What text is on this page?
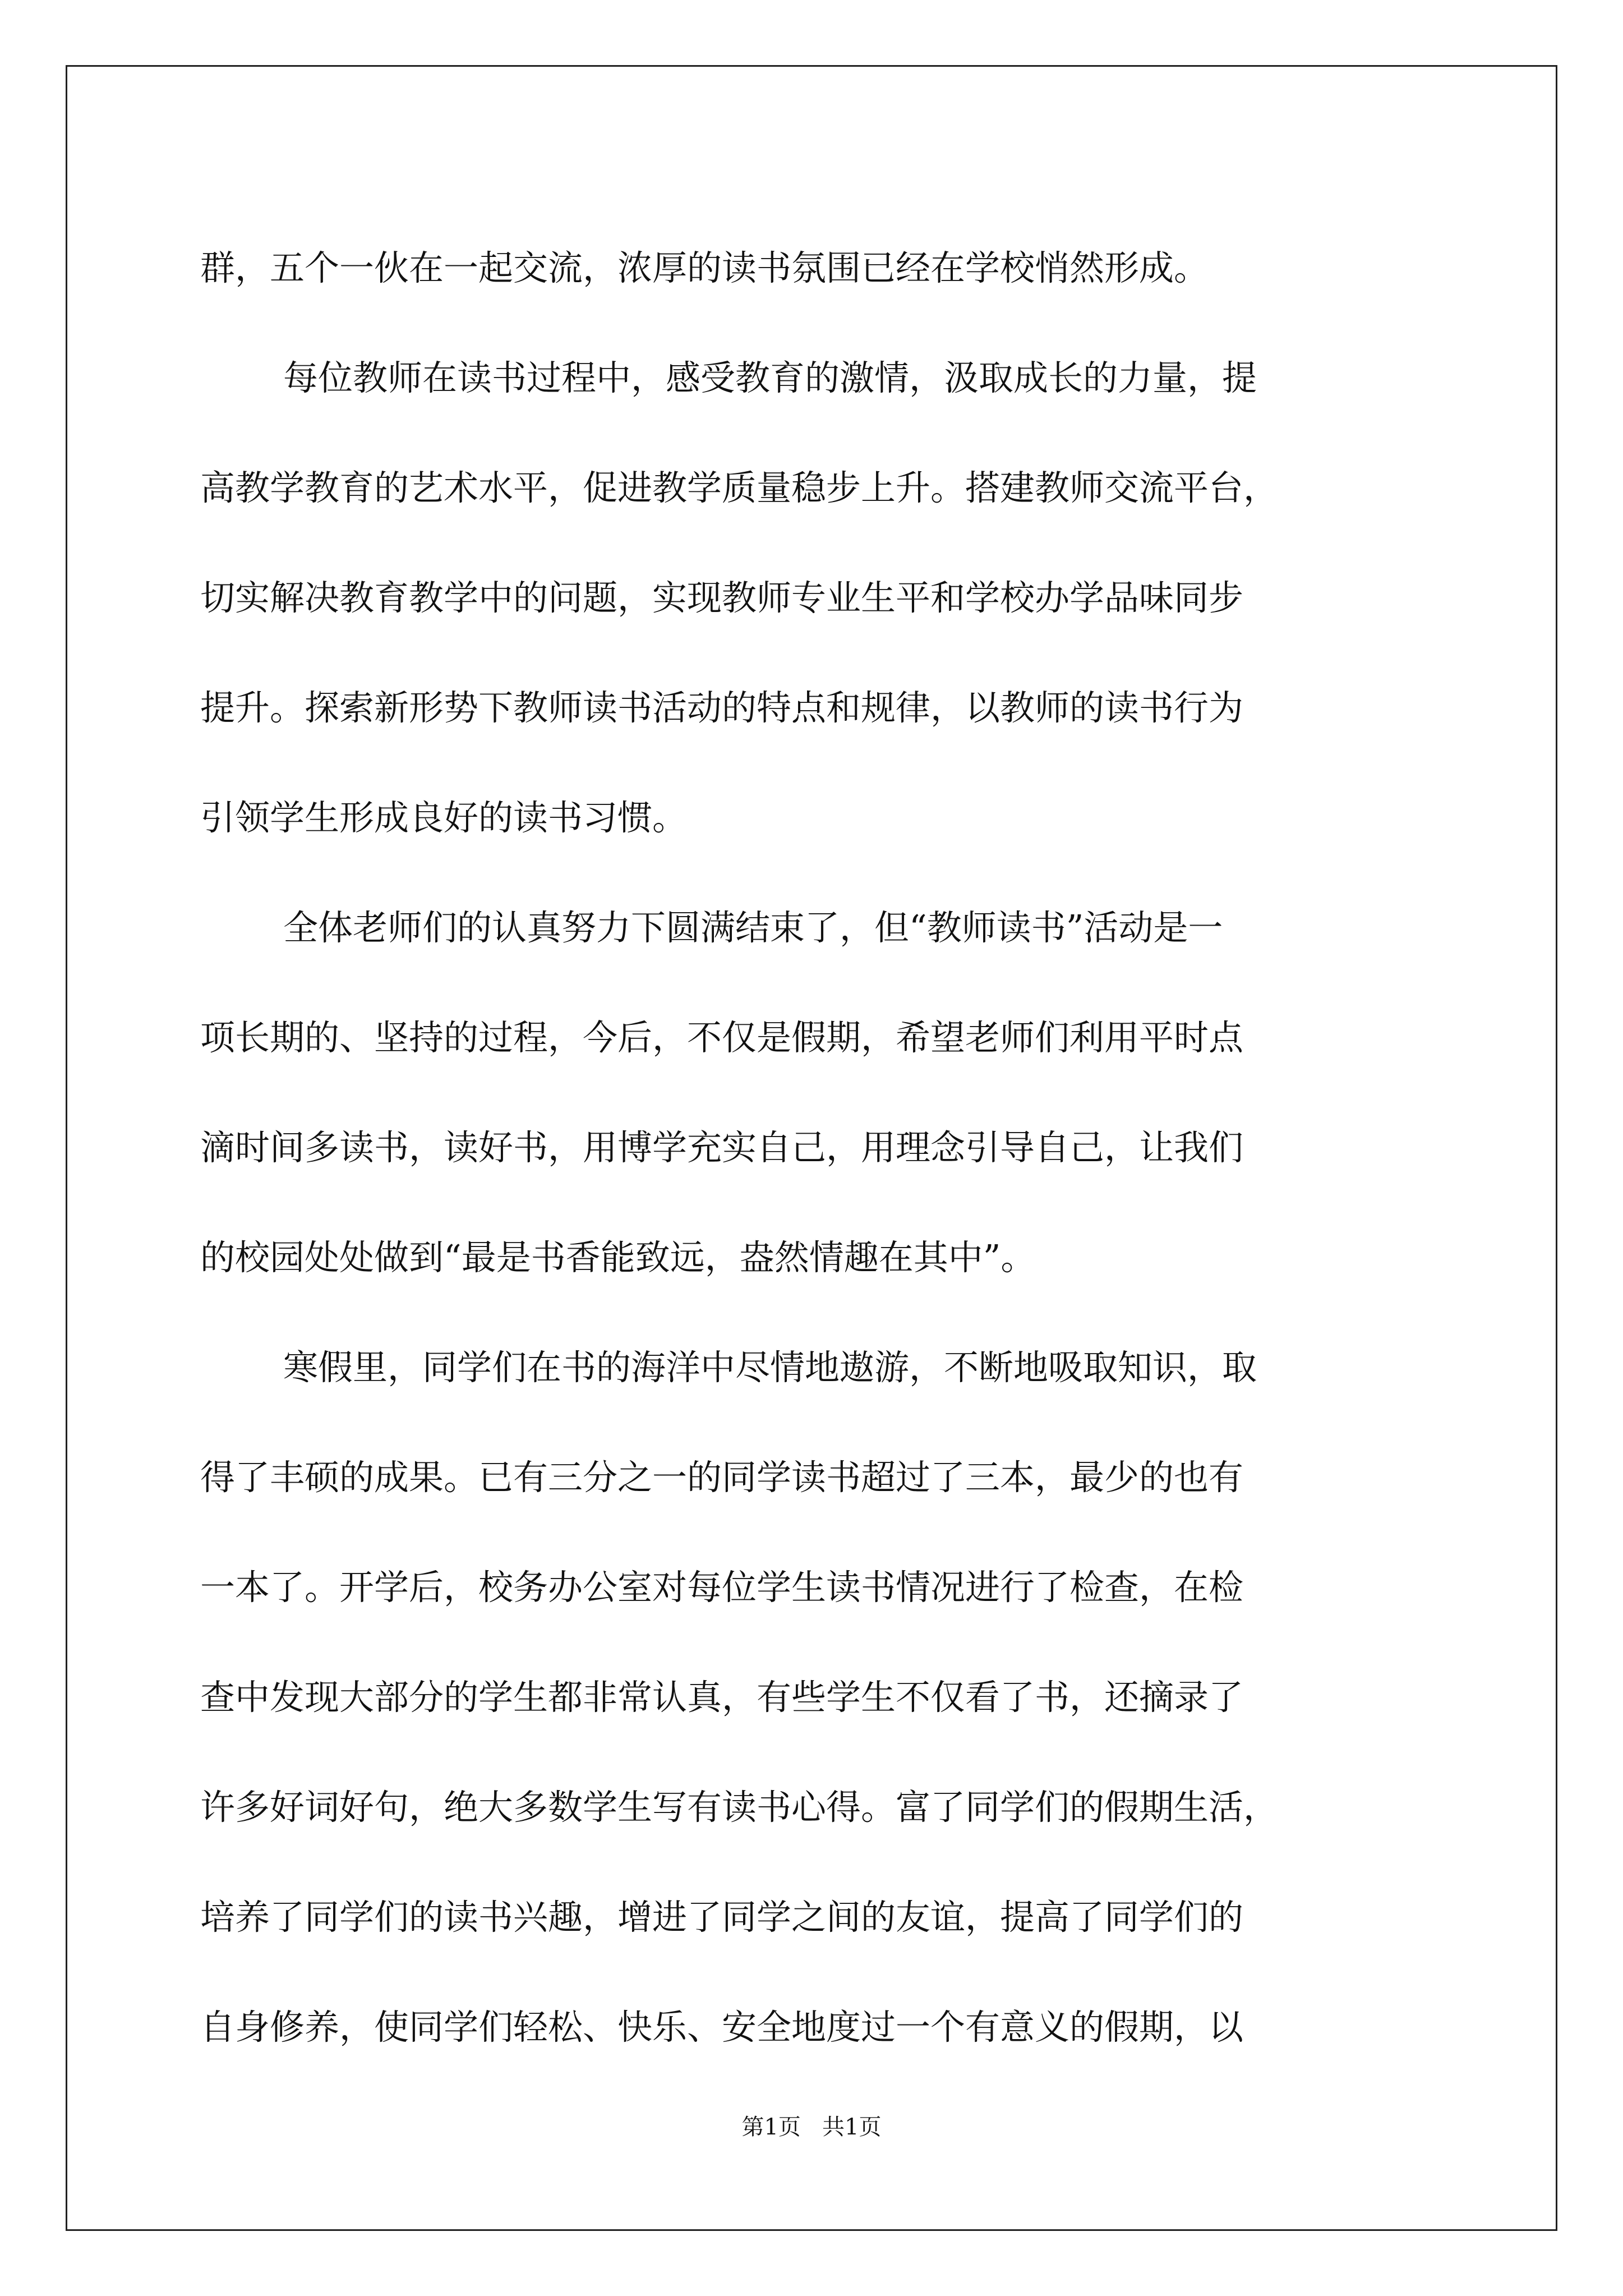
群，五个一伙在一起交流，浓厚的读书氛围已经在学校悄然形成。
每位教师在读书过程中，感受教育的激情，汲取成长的力量，提
高教学教育的艺术水平，促进教学质量稳步上升。搭建教师交流平台，
切实解决教育教学中的问题，实现教师专业生平和学校办学品味同步
提升。探索新形势下教师读书活动的特点和规律，以教师的读书行为
引领学生形成良好的读书习惯。
全体老师们的认真努力下圆满结束了，但“教师读书”活动是一
项长期的、坚持的过程，今后，不仅是假期，希望老师们利用平时点
滴时间多读书，读好书，用博学充实自己，用理念引导自己，让我们
的校园处处做到“最是书香能致远，盎然情趣在其中”。
寒假里，同学们在书的海洋中尽情地遨游，不断地吸取知识，取
得了丰硕的成果。已有三分之一的同学读书超过了三本，最少的也有
一本了。开学后，校务办公室对每位学生读书情况进行了检查，在检
查中发现大部分的学生都非常认真，有些学生不仅看了书，还摘录了
许多好词好句，绝大多数学生写有读书心得。富了同学们的假期生活，
培养了同学们的读书兴趣，增进了同学之间的友谊，提高了同学们的
自身修养，使同学们轻松、快乐、安全地度过一个有意义的假期，以
第1页   共1页
